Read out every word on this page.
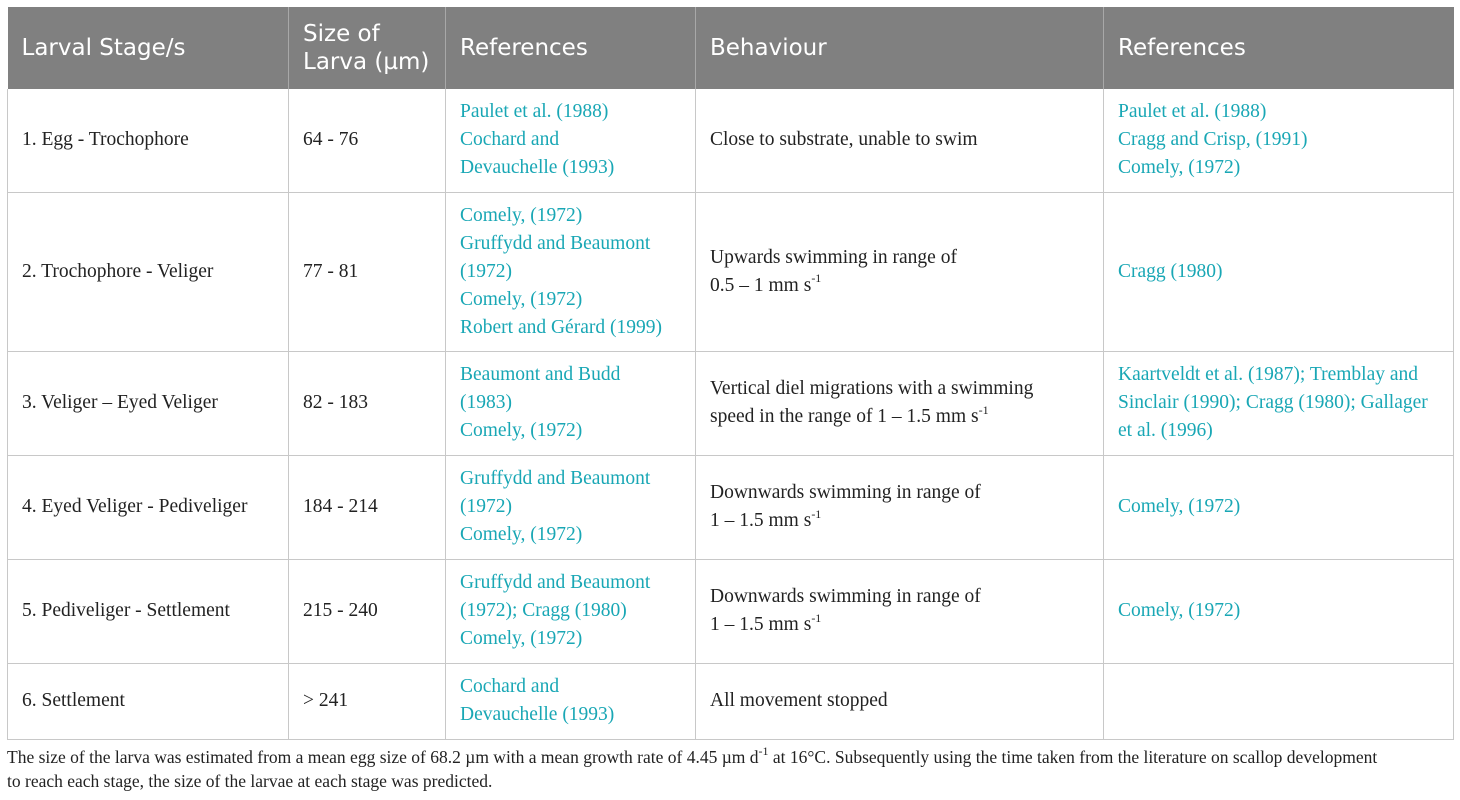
Larval Stage/s	Size of
Larva (µm)	References	Behaviour	References
1. Egg - Trochophore	64 - 76	Paulet et al. (1988)
Cochard and
Devauchelle (1993)	Close to substrate, unable to swim	Paulet et al. (1988)
Cragg and Crisp, (1991)
Comely, (1972)

2. Trochophore - Veliger	77 - 81	Comely, (1972)
Gruffydd and Beaumont
(1972)
Comely, (1972)
Robert and Gérard (1999)	Upwards swimming in range of
0.5 – 1 mm $s^{-1}$	Cragg (1980)

3. Veliger – Eyed Veliger	82 - 183	Beaumont and Budd
(1983)
Comely, (1972)	Vertical diel migrations with a swimming
speed in the range of 1 – 1.5 mm $s^{-1}$	Kaartveldt et al. (1987); Tremblay and
Sinclair (1990); Cragg (1980); Gallager
et al. (1996)

4. Eyed Veliger - Pediveliger	184 - 214	Gruffydd and Beaumont
(1972)
Comely, (1972)	Downwards swimming in range of
1 – 1.5 mm $s^{-1}$	Comely, (1972)

5. Pediveliger - Settlement	215 - 240	Gruffydd and Beaumont
(1972); Cragg (1980)
Comely, (1972)	Downwards swimming in range of
1 – 1.5 mm $s^{-1}$	Comely, (1972)

6. Settlement	> 241	Cochard and
Devauchelle (1993)	All movement stopped	

The size of the larva was estimated from a mean egg size of 68.2 µm with a mean growth rate of 4.45 µm $d^{-1}$ at 16°C. Subsequently using the time taken from the literature on scallop development
to reach each stage, the size of the larvae at each stage was predicted.
